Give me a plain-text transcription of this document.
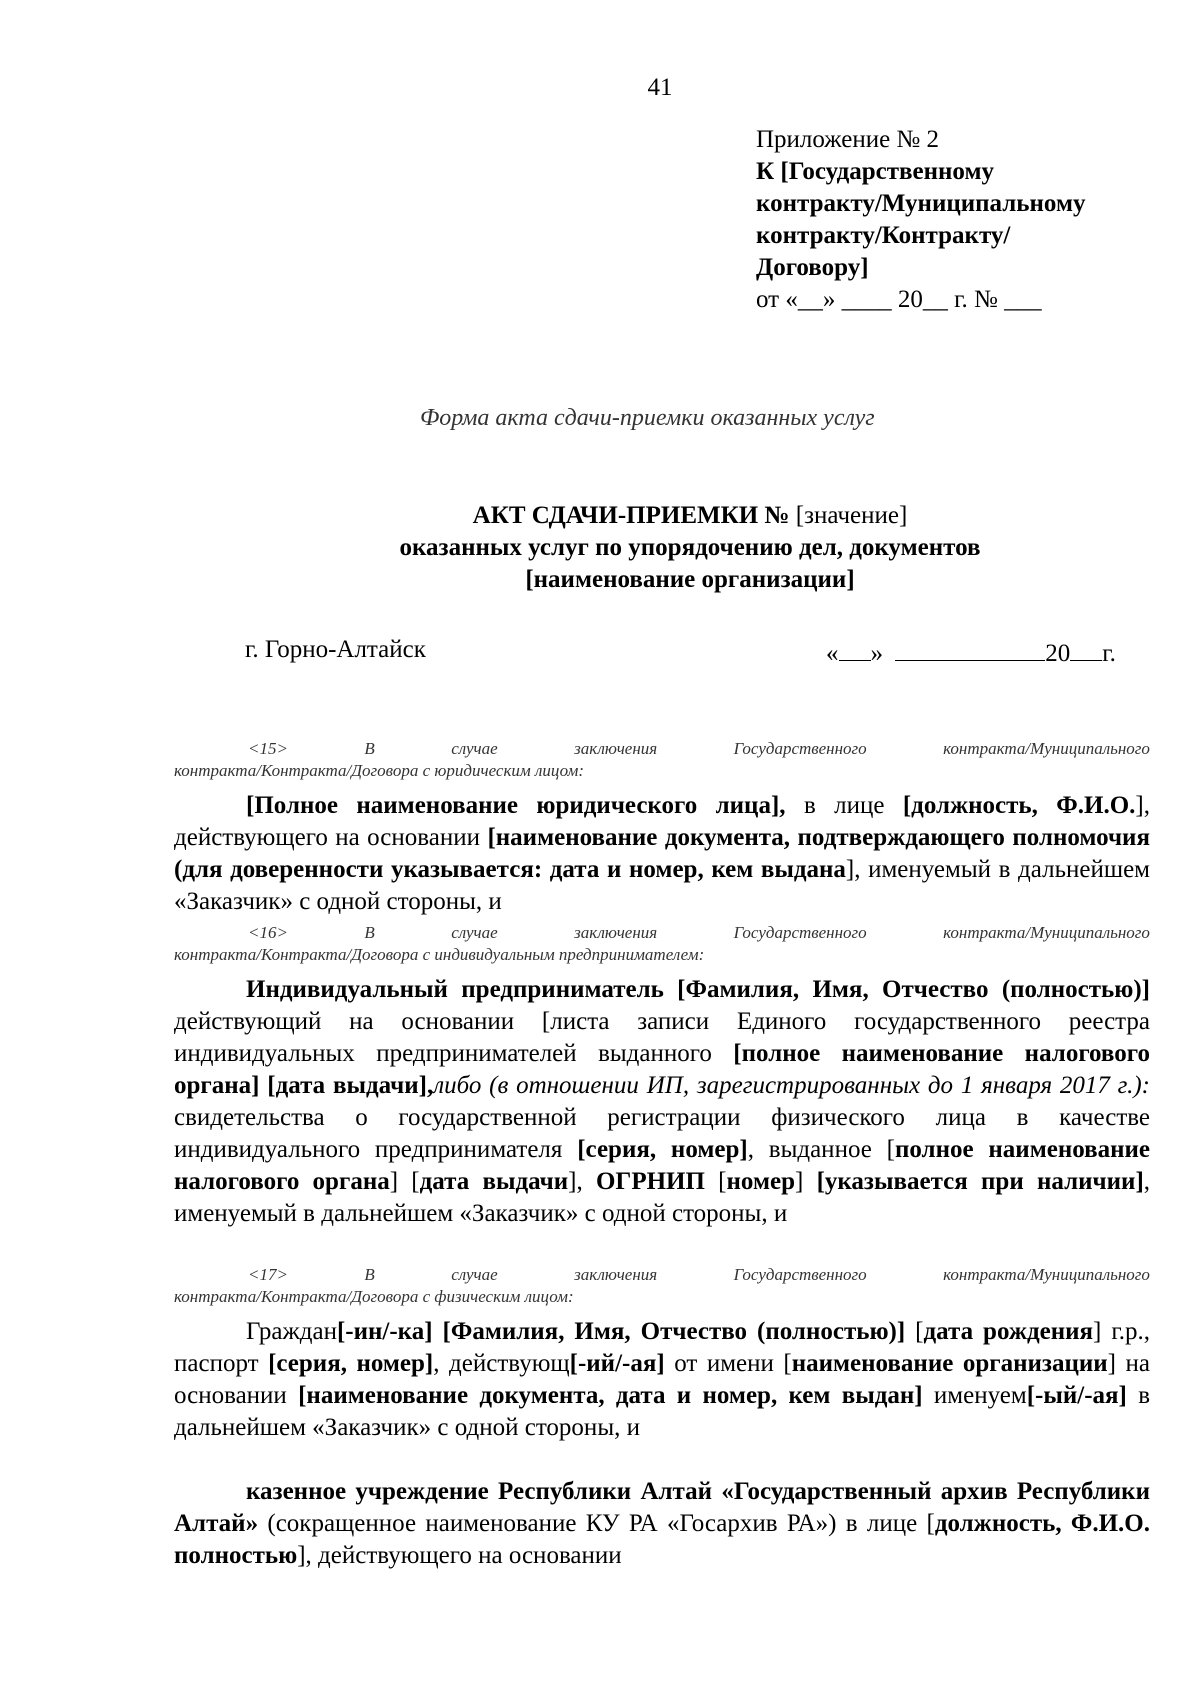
41
Приложение № 2
К [Государственному
контракту/Муниципальному
контракту/Контракту/
Договору]
от «__» ____ 20__ г. № ___
Форма акта сдачи-приемки оказанных услуг
АКТ СДАЧИ-ПРИЕМКИ № [значение]
оказанных услуг по упорядочению дел, документов
[наименование организации]
г. Горно-Алтайск	« »	20 г.
<15>	В	случае	заключения	Государственного	контракта/Муниципального
контракта/Контракта/Договора с юридическим лицом:
[Полное наименование юридического лица], в лице [должность, Ф.И.О.], действующего на основании [наименование документа, подтверждающего полномочия (для доверенности указывается: дата и номер, кем выдана], именуемый в дальнейшем «Заказчик» с одной стороны, и
<16>	В	случае	заключения	Государственного	контракта/Муниципального
контракта/Контракта/Договора с индивидуальным предпринимателем:
Индивидуальный предприниматель [Фамилия, Имя, Отчество (полностью)] действующий на основании [листа записи Единого государственного реестра индивидуальных предпринимателей выданного [полное наименование налогового органа] [дата выдачи],либо (в отношении ИП, зарегистрированных до 1 января 2017 г.): свидетельства о государственной регистрации физического лица в качестве индивидуального предпринимателя [серия, номер], выданное [полное наименование налогового органа] [дата выдачи], ОГРНИП [номер] [указывается при наличии], именуемый в дальнейшем «Заказчик» с одной стороны, и
<17>	В	случае	заключения	Государственного	контракта/Муниципального
контракта/Контракта/Договора с физическим лицом:
Граждан[-ин/-ка] [Фамилия, Имя, Отчество (полностью)] [дата рождения] г.р., паспорт [серия, номер], действующ[-ий/-ая] от имени [наименование организации] на основании [наименование документа, дата и номер, кем выдан] именуем[-ый/-ая] в дальнейшем «Заказчик» с одной стороны, и
казенное учреждение Республики Алтай «Государственный архив Республики Алтай» (сокращенное наименование КУ РА «Госархив РА») в лице [должность, Ф.И.О. полностью], действующего на основании
